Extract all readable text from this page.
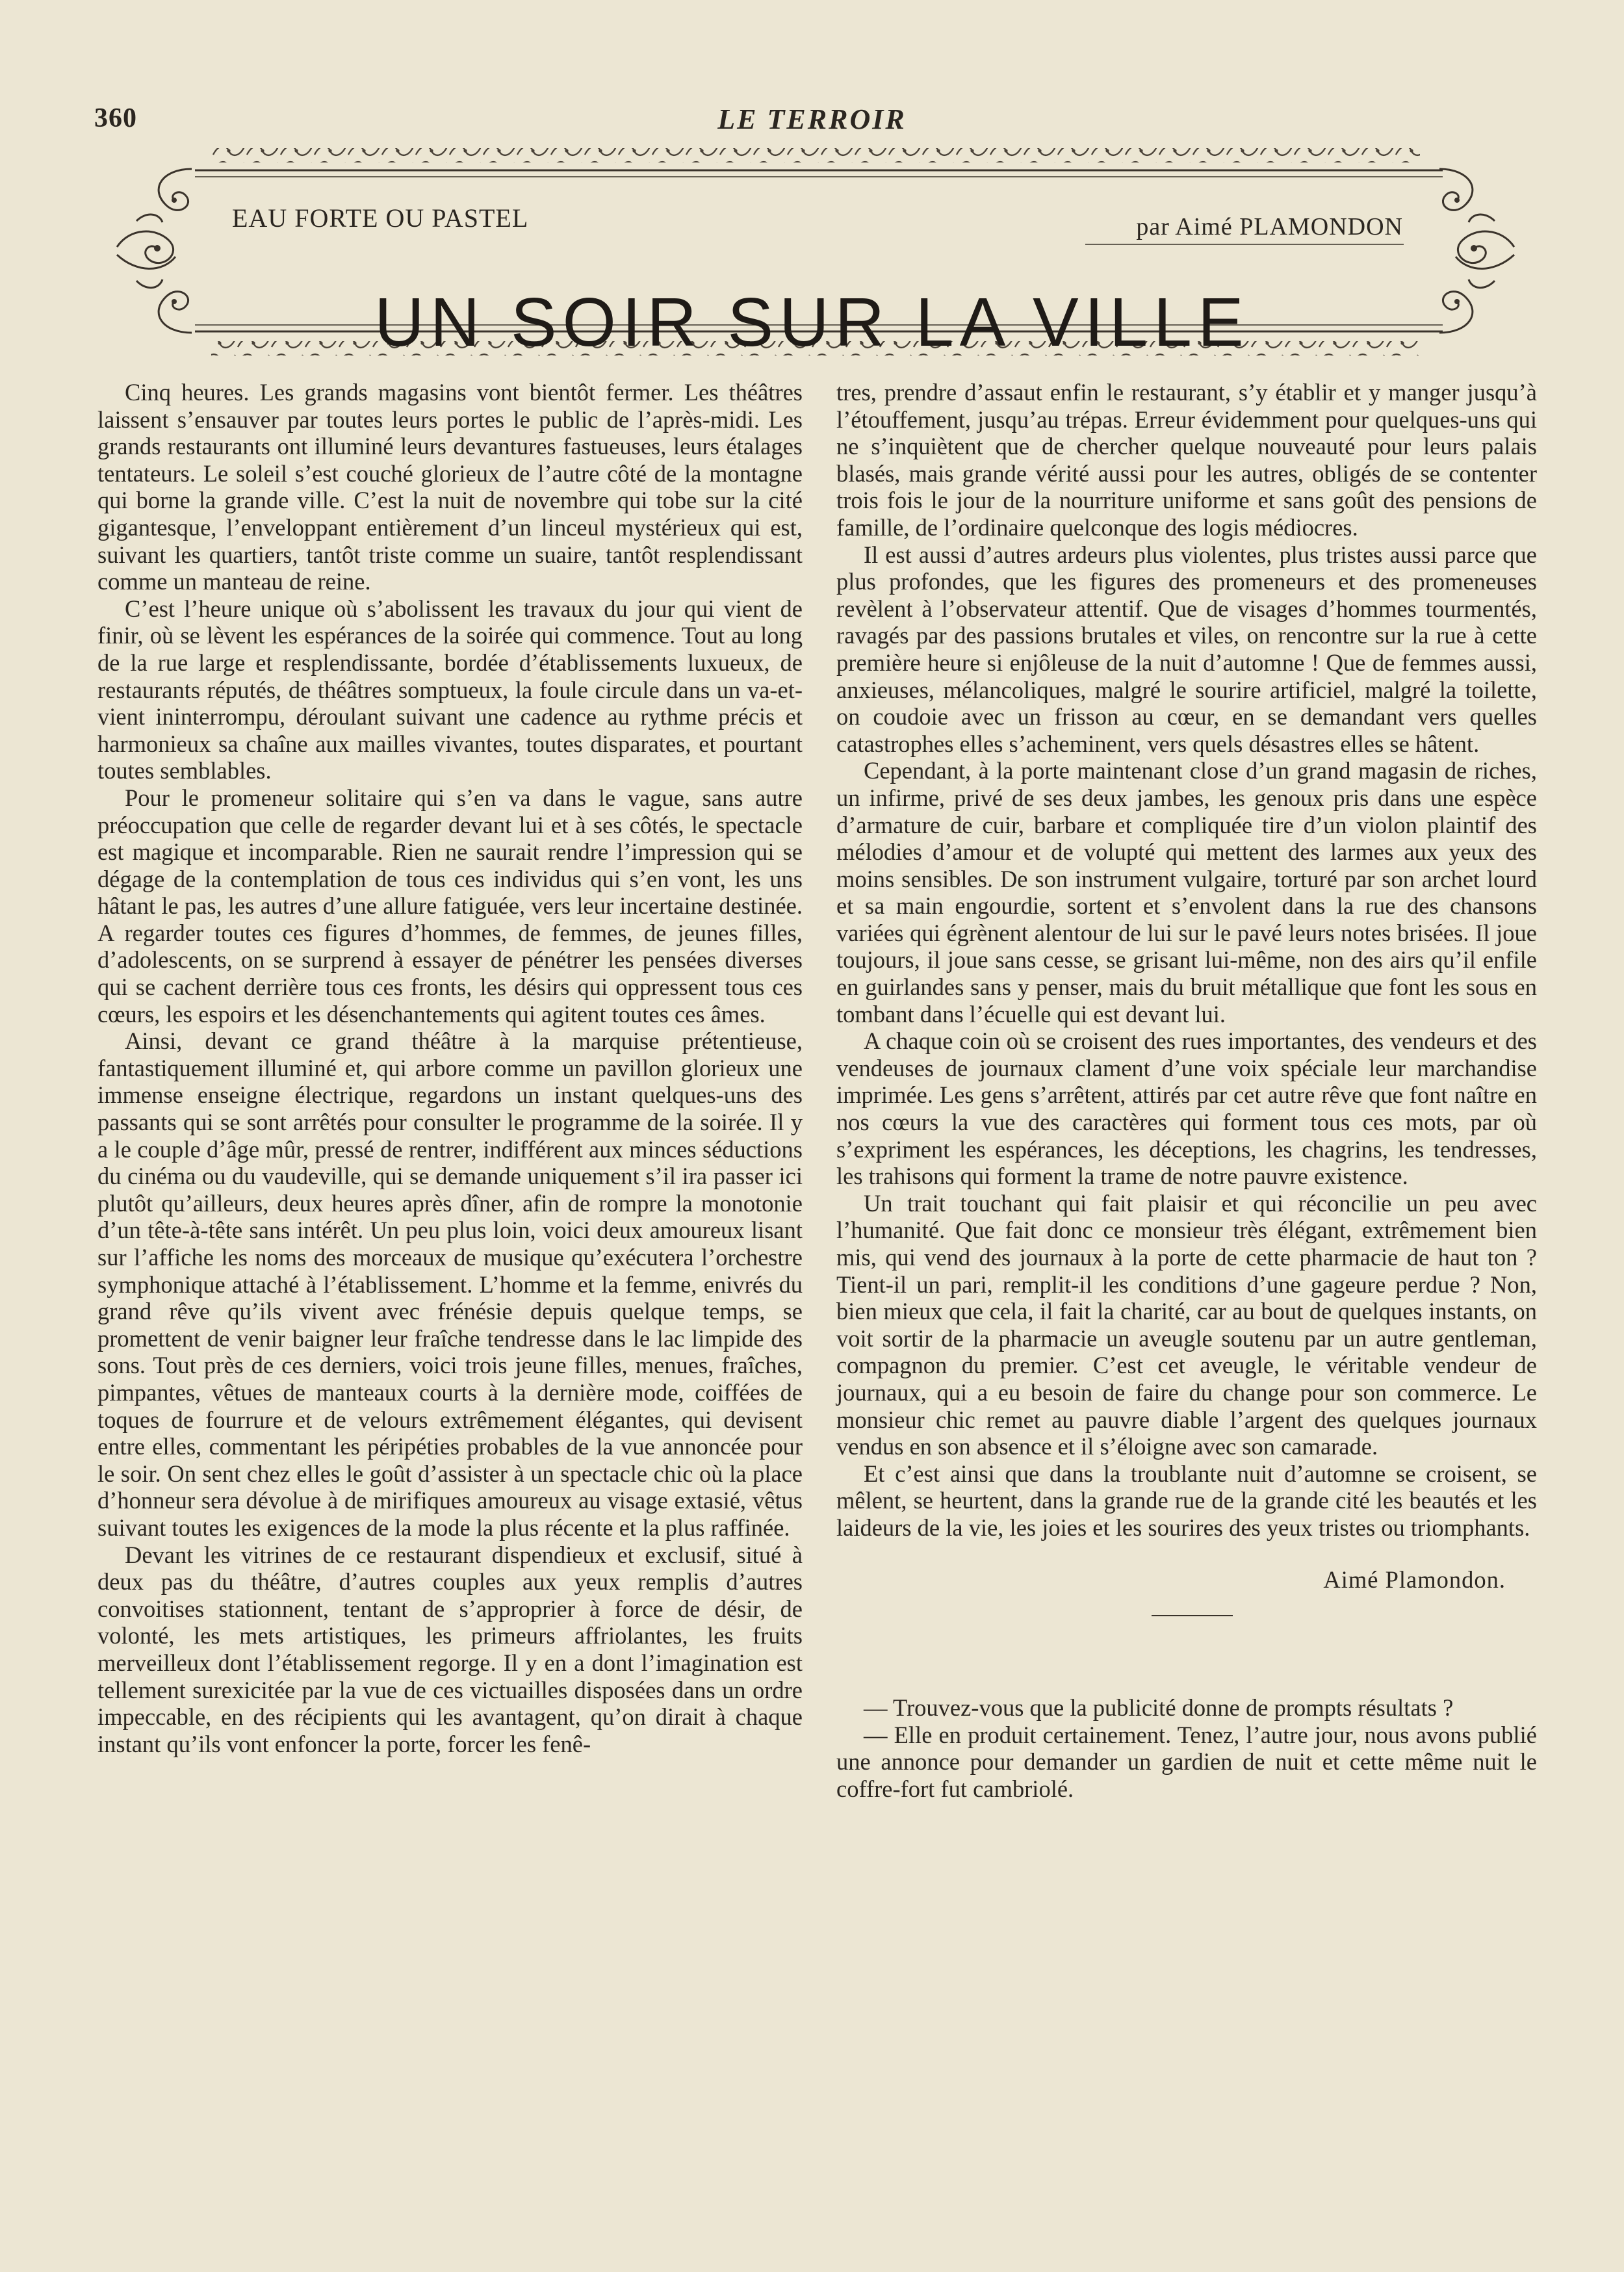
360	LE TERROIR
EAU FORTE OU PASTEL	par Aimé PLAMONDON
UN SOIR SUR LA VILLE

Cinq heures. Les grands magasins vont bientôt fermer. Les théâtres laissent s’ensauver par toutes leurs portes le public de l’après-midi. Les grands restaurants ont illuminé leurs devantures fastueuses, leurs étalages tentateurs. Le soleil s’est couché glorieux de l’autre côté de la montagne qui borne la grande ville. C’est la nuit de novembre qui tobe sur la cité gigantesque, l’enveloppant entièrement d’un linceul mystérieux qui est, suivant les quartiers, tantôt triste comme un suaire, tantôt resplendissant comme un manteau de reine.

C’est l’heure unique où s’abolissent les travaux du jour qui vient de finir, où se lèvent les espérances de la soirée qui commence. Tout au long de la rue large et resplendissante, bordée d’établissements luxueux, de restaurants réputés, de théâtres somptueux, la foule circule dans un va-et-vient ininterrompu, déroulant suivant une cadence au rythme précis et harmonieux sa chaîne aux mailles vivantes, toutes disparates, et pourtant toutes semblables.

Pour le promeneur solitaire qui s’en va dans le vague, sans autre préoccupation que celle de regarder devant lui et à ses côtés, le spectacle est magique et incomparable. Rien ne saurait rendre l’impression qui se dégage de la contemplation de tous ces individus qui s’en vont, les uns hâtant le pas, les autres d’une allure fatiguée, vers leur incertaine destinée. A regarder toutes ces figures d’hommes, de femmes, de jeunes filles, d’adolescents, on se surprend à essayer de pénétrer les pensées diverses qui se cachent derrière tous ces fronts, les désirs qui oppressent tous ces cœurs, les espoirs et les désenchantements qui agitent toutes ces âmes.

Ainsi, devant ce grand théâtre à la marquise prétentieuse, fantastiquement illuminé et, qui arbore comme un pavillon glorieux une immense enseigne électrique, regardons un instant quelques-uns des passants qui se sont arrêtés pour consulter le programme de la soirée. Il y a le couple d’âge mûr, pressé de rentrer, indifférent aux minces séductions du cinéma ou du vaudeville, qui se demande uniquement s’il ira passer ici plutôt qu’ailleurs, deux heures après dîner, afin de rompre la monotonie d’un tête-à-tête sans intérêt. Un peu plus loin, voici deux amoureux lisant sur l’affiche les noms des morceaux de musique qu’exécutera l’orchestre symphonique attaché à l’établissement. L’homme et la femme, enivrés du grand rêve qu’ils vivent avec frénésie depuis quelque temps, se promettent de venir baigner leur fraîche tendresse dans le lac limpide des sons. Tout près de ces derniers, voici trois jeune filles, menues, fraîches, pimpantes, vêtues de manteaux courts à la dernière mode, coiffées de toques de fourrure et de velours extrêmement élégantes, qui devisent entre elles, commentant les péripéties probables de la vue annoncée pour le soir. On sent chez elles le goût d’assister à un spectacle chic où la place d’honneur sera dévolue à de mirifiques amoureux au visage extasié, vêtus suivant toutes les exigences de la mode la plus récente et la plus raffinée.

Devant les vitrines de ce restaurant dispendieux et exclusif, situé à deux pas du théâtre, d’autres couples aux yeux remplis d’autres convoitises stationnent, tentant de s’approprier à force de désir, de volonté, les mets artistiques, les primeurs affriolantes, les fruits merveilleux dont l’établissement regorge. Il y en a dont l’imagination est tellement surexicitée par la vue de ces victuailles disposées dans un ordre impeccable, en des récipients qui les avantagent, qu’on dirait à chaque instant qu’ils vont enfoncer la porte, forcer les fenê-

tres, prendre d’assaut enfin le restaurant, s’y établir et y manger jusqu’à l’étouffement, jusqu’au trépas. Erreur évidemment pour quelques-uns qui ne s’inquiètent que de chercher quelque nouveauté pour leurs palais blasés, mais grande vérité aussi pour les autres, obligés de se contenter trois fois le jour de la nourriture uniforme et sans goût des pensions de famille, de l’ordinaire quelconque des logis médiocres.

Il est aussi d’autres ardeurs plus violentes, plus tristes aussi parce que plus profondes, que les figures des promeneurs et des promeneuses revèlent à l’observateur attentif. Que de visages d’hommes tourmentés, ravagés par des passions brutales et viles, on rencontre sur la rue à cette première heure si enjôleuse de la nuit d’automne ! Que de femmes aussi, anxieuses, mélancoliques, malgré le sourire artificiel, malgré la toilette, on coudoie avec un frisson au cœur, en se demandant vers quelles catastrophes elles s’acheminent, vers quels désastres elles se hâtent.

Cependant, à la porte maintenant close d’un grand magasin de riches, un infirme, privé de ses deux jambes, les genoux pris dans une espèce d’armature de cuir, barbare et compliquée tire d’un violon plaintif des mélodies d’amour et de volupté qui mettent des larmes aux yeux des moins sensibles. De son instrument vulgaire, torturé par son archet lourd et sa main engourdie, sortent et s’envolent dans la rue des chansons variées qui égrènent alentour de lui sur le pavé leurs notes brisées. Il joue toujours, il joue sans cesse, se grisant lui-même, non des airs qu’il enfile en guirlandes sans y penser, mais du bruit métallique que font les sous en tombant dans l’écuelle qui est devant lui.

A chaque coin où se croisent des rues importantes, des vendeurs et des vendeuses de journaux clament d’une voix spéciale leur marchandise imprimée. Les gens s’arrêtent, attirés par cet autre rêve que font naître en nos cœurs la vue des caractères qui forment tous ces mots, par où s’expriment les espérances, les déceptions, les chagrins, les tendresses, les trahisons qui forment la trame de notre pauvre existence.

Un trait touchant qui fait plaisir et qui réconcilie un peu avec l’humanité. Que fait donc ce monsieur très élégant, extrêmement bien mis, qui vend des journaux à la porte de cette pharmacie de haut ton ? Tient-il un pari, remplit-il les conditions d’une gageure perdue ? Non, bien mieux que cela, il fait la charité, car au bout de quelques instants, on voit sortir de la pharmacie un aveugle soutenu par un autre gentleman, compagnon du premier. C’est cet aveugle, le véritable vendeur de journaux, qui a eu besoin de faire du change pour son commerce. Le monsieur chic remet au pauvre diable l’argent des quelques journaux vendus en son absence et il s’éloigne avec son camarade.

Et c’est ainsi que dans la troublante nuit d’automne se croisent, se mêlent, se heurtent, dans la grande rue de la grande cité les beautés et les laideurs de la vie, les joies et les sourires des yeux tristes ou triomphants.

Aimé Plamondon.

— Trouvez-vous que la publicité donne de prompts résultats ?

— Elle en produit certainement. Tenez, l’autre jour, nous avons publié une annonce pour demander un gardien de nuit et cette même nuit le coffre-fort fut cambriolé.
